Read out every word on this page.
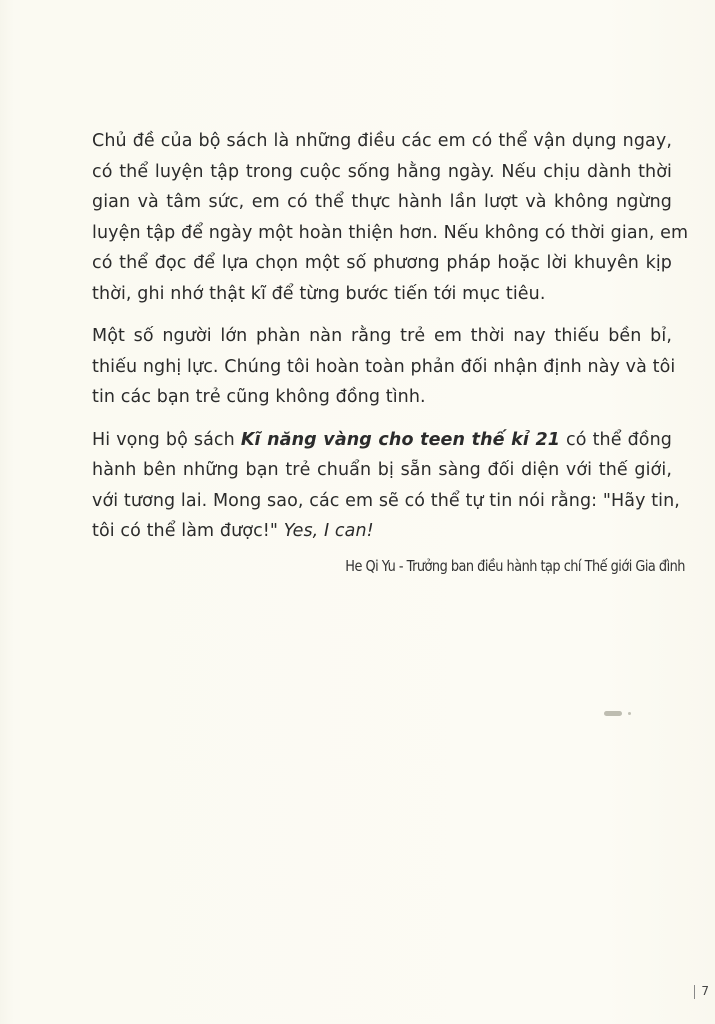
Chủ đề của bộ sách là những điều các em có thể vận dụng ngay,
có thể luyện tập trong cuộc sống hằng ngày. Nếu chịu dành thời
gian và tâm sức, em có thể thực hành lần lượt và không ngừng
luyện tập để ngày một hoàn thiện hơn. Nếu không có thời gian, em
có thể đọc để lựa chọn một số phương pháp hoặc lời khuyên kịp
thời, ghi nhớ thật kĩ để từng bước tiến tới mục tiêu.

Một số người lớn phàn nàn rằng trẻ em thời nay thiếu bền bỉ,
thiếu nghị lực. Chúng tôi hoàn toàn phản đối nhận định này và tôi
tin các bạn trẻ cũng không đồng tình.

Hi vọng bộ sách Kĩ năng vàng cho teen thế kỉ 21 có thể đồng
hành bên những bạn trẻ chuẩn bị sẵn sàng đối diện với thế giới,
với tương lai. Mong sao, các em sẽ có thể tự tin nói rằng: "Hãy tin,
tôi có thể làm được!" Yes, I can!

He Qi Yu - Trưởng ban điều hành tạp chí Thế giới Gia đình
7
